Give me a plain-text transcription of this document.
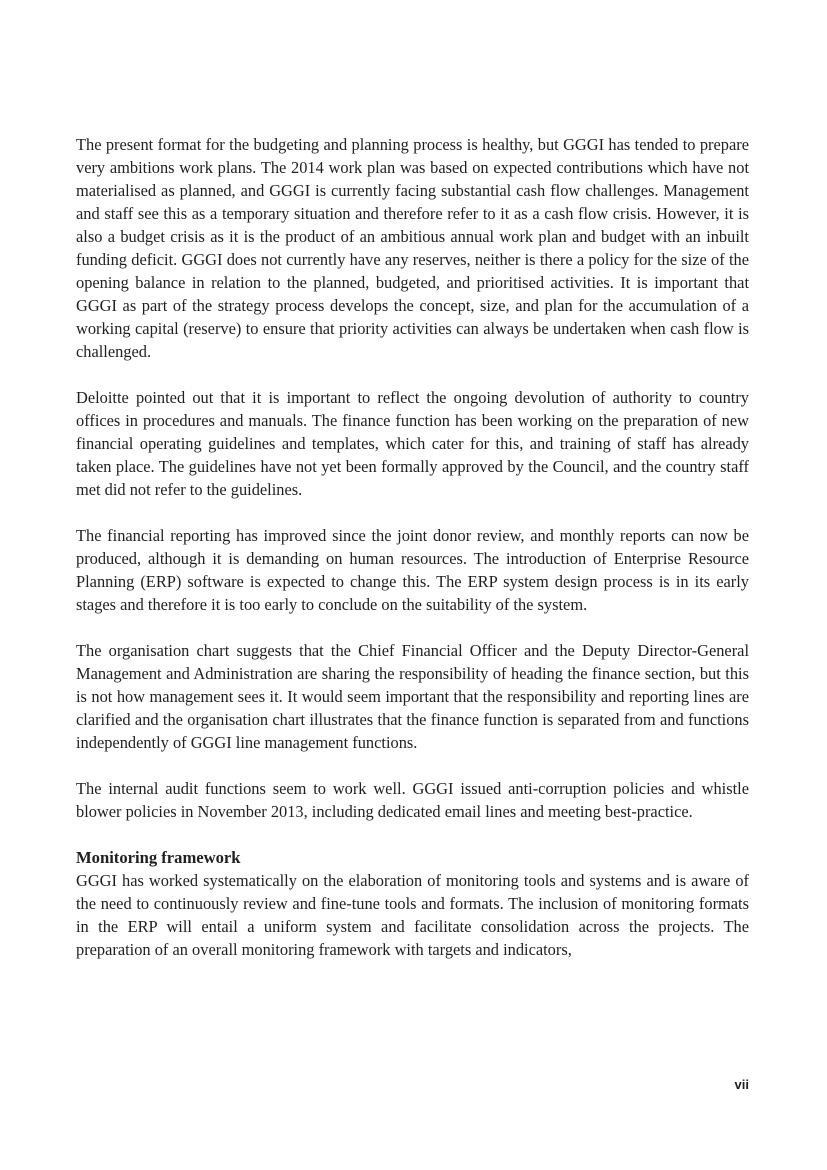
The present format for the budgeting and planning process is healthy, but GGGI has tended to prepare very ambitions work plans. The 2014 work plan was based on expected contributions which have not materialised as planned, and GGGI is currently facing substantial cash flow challenges. Management and staff see this as a temporary situation and therefore refer to it as a cash flow crisis. However, it is also a budget crisis as it is the product of an ambitious annual work plan and budget with an inbuilt funding deficit. GGGI does not currently have any reserves, neither is there a policy for the size of the opening balance in relation to the planned, budgeted, and prioritised activities. It is important that GGGI as part of the strategy process develops the concept, size, and plan for the accumulation of a working capital (reserve) to ensure that priority activities can always be undertaken when cash flow is challenged.

Deloitte pointed out that it is important to reflect the ongoing devolution of authority to country offices in procedures and manuals. The finance function has been working on the preparation of new financial operating guidelines and templates, which cater for this, and training of staff has already taken place. The guidelines have not yet been formally approved by the Council, and the country staff met did not refer to the guidelines.

The financial reporting has improved since the joint donor review, and monthly reports can now be produced, although it is demanding on human resources. The introduction of Enterprise Resource Planning (ERP) software is expected to change this. The ERP system design process is in its early stages and therefore it is too early to conclude on the suitability of the system.

The organisation chart suggests that the Chief Financial Officer and the Deputy Director-General Management and Administration are sharing the responsibility of heading the finance section, but this is not how management sees it. It would seem important that the responsibility and reporting lines are clarified and the organisation chart illustrates that the finance function is separated from and functions independently of GGGI line management functions.

The internal audit functions seem to work well. GGGI issued anti-corruption policies and whistle blower policies in November 2013, including dedicated email lines and meeting best-practice.

Monitoring framework

GGGI has worked systematically on the elaboration of monitoring tools and systems and is aware of the need to continuously review and fine-tune tools and formats. The inclusion of monitoring formats in the ERP will entail a uniform system and facilitate consolidation across the projects. The preparation of an overall monitoring framework with targets and indicators,

vii
